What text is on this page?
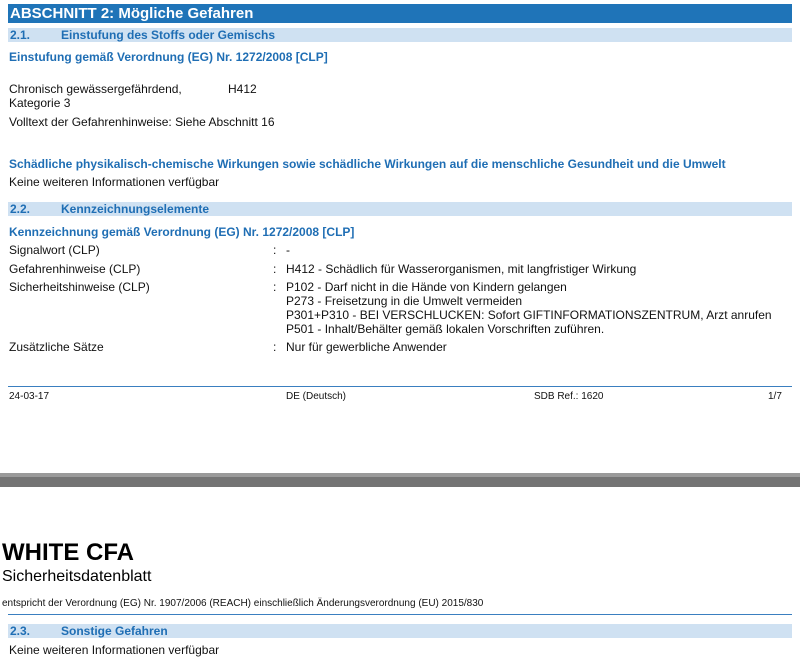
ABSCHNITT 2: Mögliche Gefahren
2.1.	Einstufung des Stoffs oder Gemischs
Einstufung gemäß Verordnung (EG) Nr. 1272/2008 [CLP]
Chronisch gewässergefährdend,	H412
Kategorie 3
Volltext der Gefahrenhinweise: Siehe Abschnitt 16
Schädliche physikalisch-chemische Wirkungen sowie schädliche Wirkungen auf die menschliche Gesundheit und die Umwelt
Keine weiteren Informationen verfügbar
2.2.	Kennzeichnungselemente
Kennzeichnung gemäß Verordnung (EG) Nr. 1272/2008 [CLP]
Signalwort (CLP)	: -
Gefahrenhinweise (CLP)	: H412 - Schädlich für Wasserorganismen, mit langfristiger Wirkung
Sicherheitshinweise (CLP)	: P102 - Darf nicht in die Hände von Kindern gelangen
P273 - Freisetzung in die Umwelt vermeiden
P301+P310 - BEI VERSCHLUCKEN: Sofort GIFTINFORMATIONSZENTRUM, Arzt anrufen
P501 - Inhalt/Behälter gemäß lokalen Vorschriften zuführen.
Zusätzliche Sätze	: Nur für gewerbliche Anwender
24-03-17	DE (Deutsch)	SDB Ref.: 1620	1/7
WHITE CFA
Sicherheitsdatenblatt
entspricht der Verordnung (EG) Nr. 1907/2006 (REACH) einschließlich Änderungsverordnung (EU) 2015/830
2.3.	Sonstige Gefahren
Keine weiteren Informationen verfügbar
